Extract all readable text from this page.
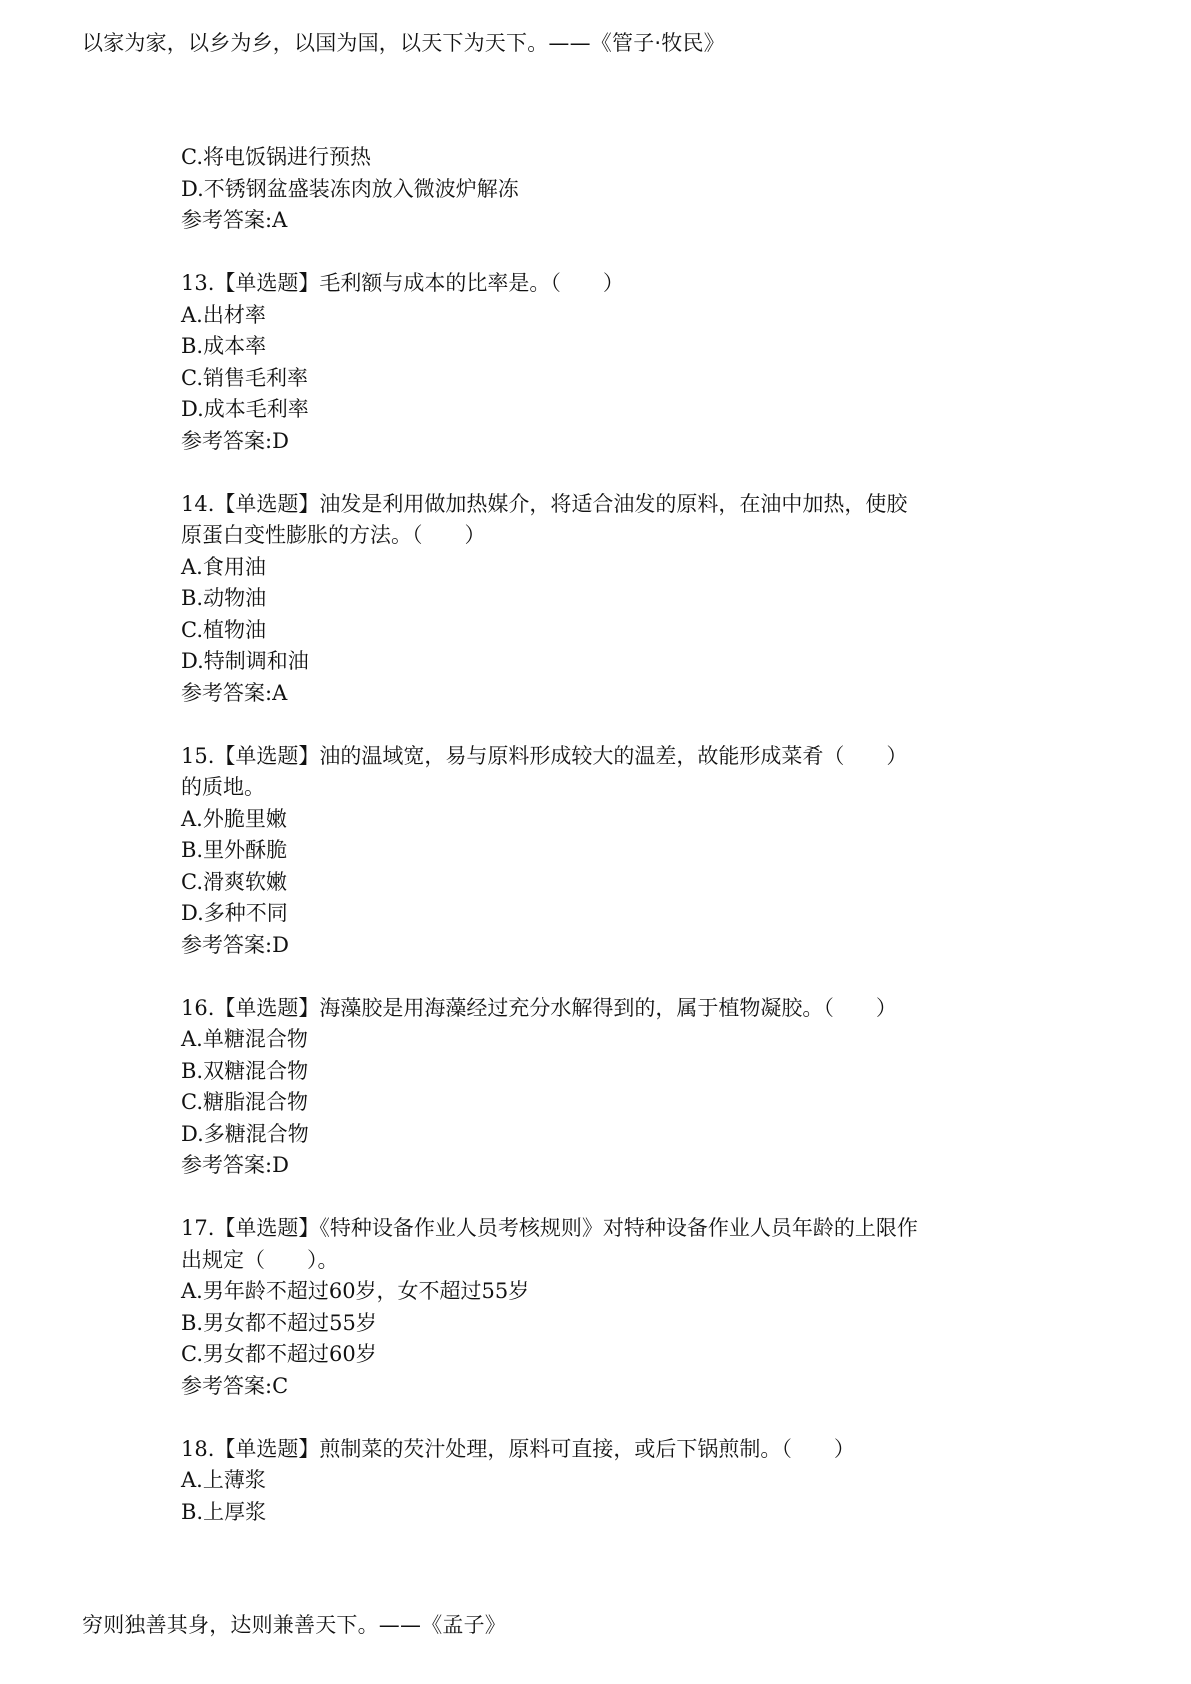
以家为家，以乡为乡，以国为国，以天下为天下。——《管子·牧民》
C.将电饭锅进行预热
D.不锈钢盆盛装冻肉放入微波炉解冻
参考答案:A
13.【单选题】毛利额与成本的比率是。（　　）
A.出材率
B.成本率
C.销售毛利率
D.成本毛利率
参考答案:D
14.【单选题】油发是利用做加热媒介，将适合油发的原料，在油中加热，使胶
原蛋白变性膨胀的方法。（　　）
A.食用油
B.动物油
C.植物油
D.特制调和油
参考答案:A
15.【单选题】油的温域宽，易与原料形成较大的温差，故能形成菜肴（　　）
的质地。
A.外脆里嫩
B.里外酥脆
C.滑爽软嫩
D.多种不同
参考答案:D
16.【单选题】海藻胶是用海藻经过充分水解得到的，属于植物凝胶。（　　）
A.单糖混合物
B.双糖混合物
C.糖脂混合物
D.多糖混合物
参考答案:D
17.【单选题】《特种设备作业人员考核规则》对特种设备作业人员年龄的上限作
出规定（　　）。
A.男年龄不超过60岁，女不超过55岁
B.男女都不超过55岁
C.男女都不超过60岁
参考答案:C
18.【单选题】煎制菜的芡汁处理，原料可直接，或后下锅煎制。（　　）
A.上薄浆
B.上厚浆
穷则独善其身，达则兼善天下。——《孟子》
